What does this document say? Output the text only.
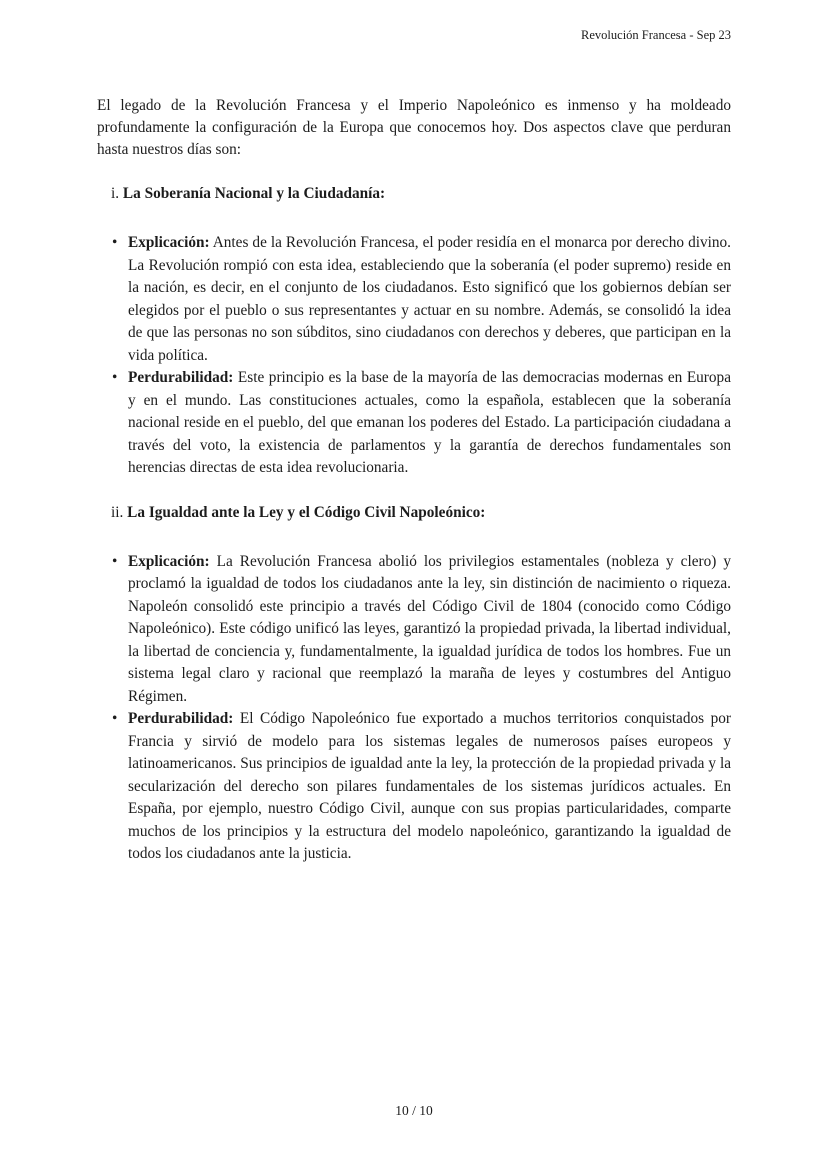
Revolución Francesa - Sep 23

El legado de la Revolución Francesa y el Imperio Napoleónico es inmenso y ha moldeado profundamente la configuración de la Europa que conocemos hoy. Dos aspectos clave que perduran hasta nuestros días son:

i. La Soberanía Nacional y la Ciudadanía:
• Explicación: Antes de la Revolución Francesa, el poder residía en el monarca por derecho divino. La Revolución rompió con esta idea, estableciendo que la soberanía (el poder supremo) reside en la nación, es decir, en el conjunto de los ciudadanos. Esto significó que los gobiernos debían ser elegidos por el pueblo o sus representantes y actuar en su nombre. Además, se consolidó la idea de que las personas no son súbditos, sino ciudadanos con derechos y deberes, que participan en la vida política.
• Perdurabilidad: Este principio es la base de la mayoría de las democracias modernas en Europa y en el mundo. Las constituciones actuales, como la española, establecen que la soberanía nacional reside en el pueblo, del que emanan los poderes del Estado. La participación ciudadana a través del voto, la existencia de parlamentos y la garantía de derechos fundamentales son herencias directas de esta idea revolucionaria.
ii. La Igualdad ante la Ley y el Código Civil Napoleónico:
• Explicación: La Revolución Francesa abolió los privilegios estamentales (nobleza y clero) y proclamó la igualdad de todos los ciudadanos ante la ley, sin distinción de nacimiento o riqueza. Napoleón consolidó este principio a través del Código Civil de 1804 (conocido como Código Napoleónico). Este código unificó las leyes, garantizó la propiedad privada, la libertad individual, la libertad de conciencia y, fundamentalmente, la igualdad jurídica de todos los hombres. Fue un sistema legal claro y racional que reemplazó la maraña de leyes y costumbres del Antiguo Régimen.
• Perdurabilidad: El Código Napoleónico fue exportado a muchos territorios conquistados por Francia y sirvió de modelo para los sistemas legales de numerosos países europeos y latinoamericanos. Sus principios de igualdad ante la ley, la protección de la propiedad privada y la secularización del derecho son pilares fundamentales de los sistemas jurídicos actuales. En España, por ejemplo, nuestro Código Civil, aunque con sus propias particularidades, comparte muchos de los principios y la estructura del modelo napoleónico, garantizando la igualdad de todos los ciudadanos ante la justicia.
10 / 10
